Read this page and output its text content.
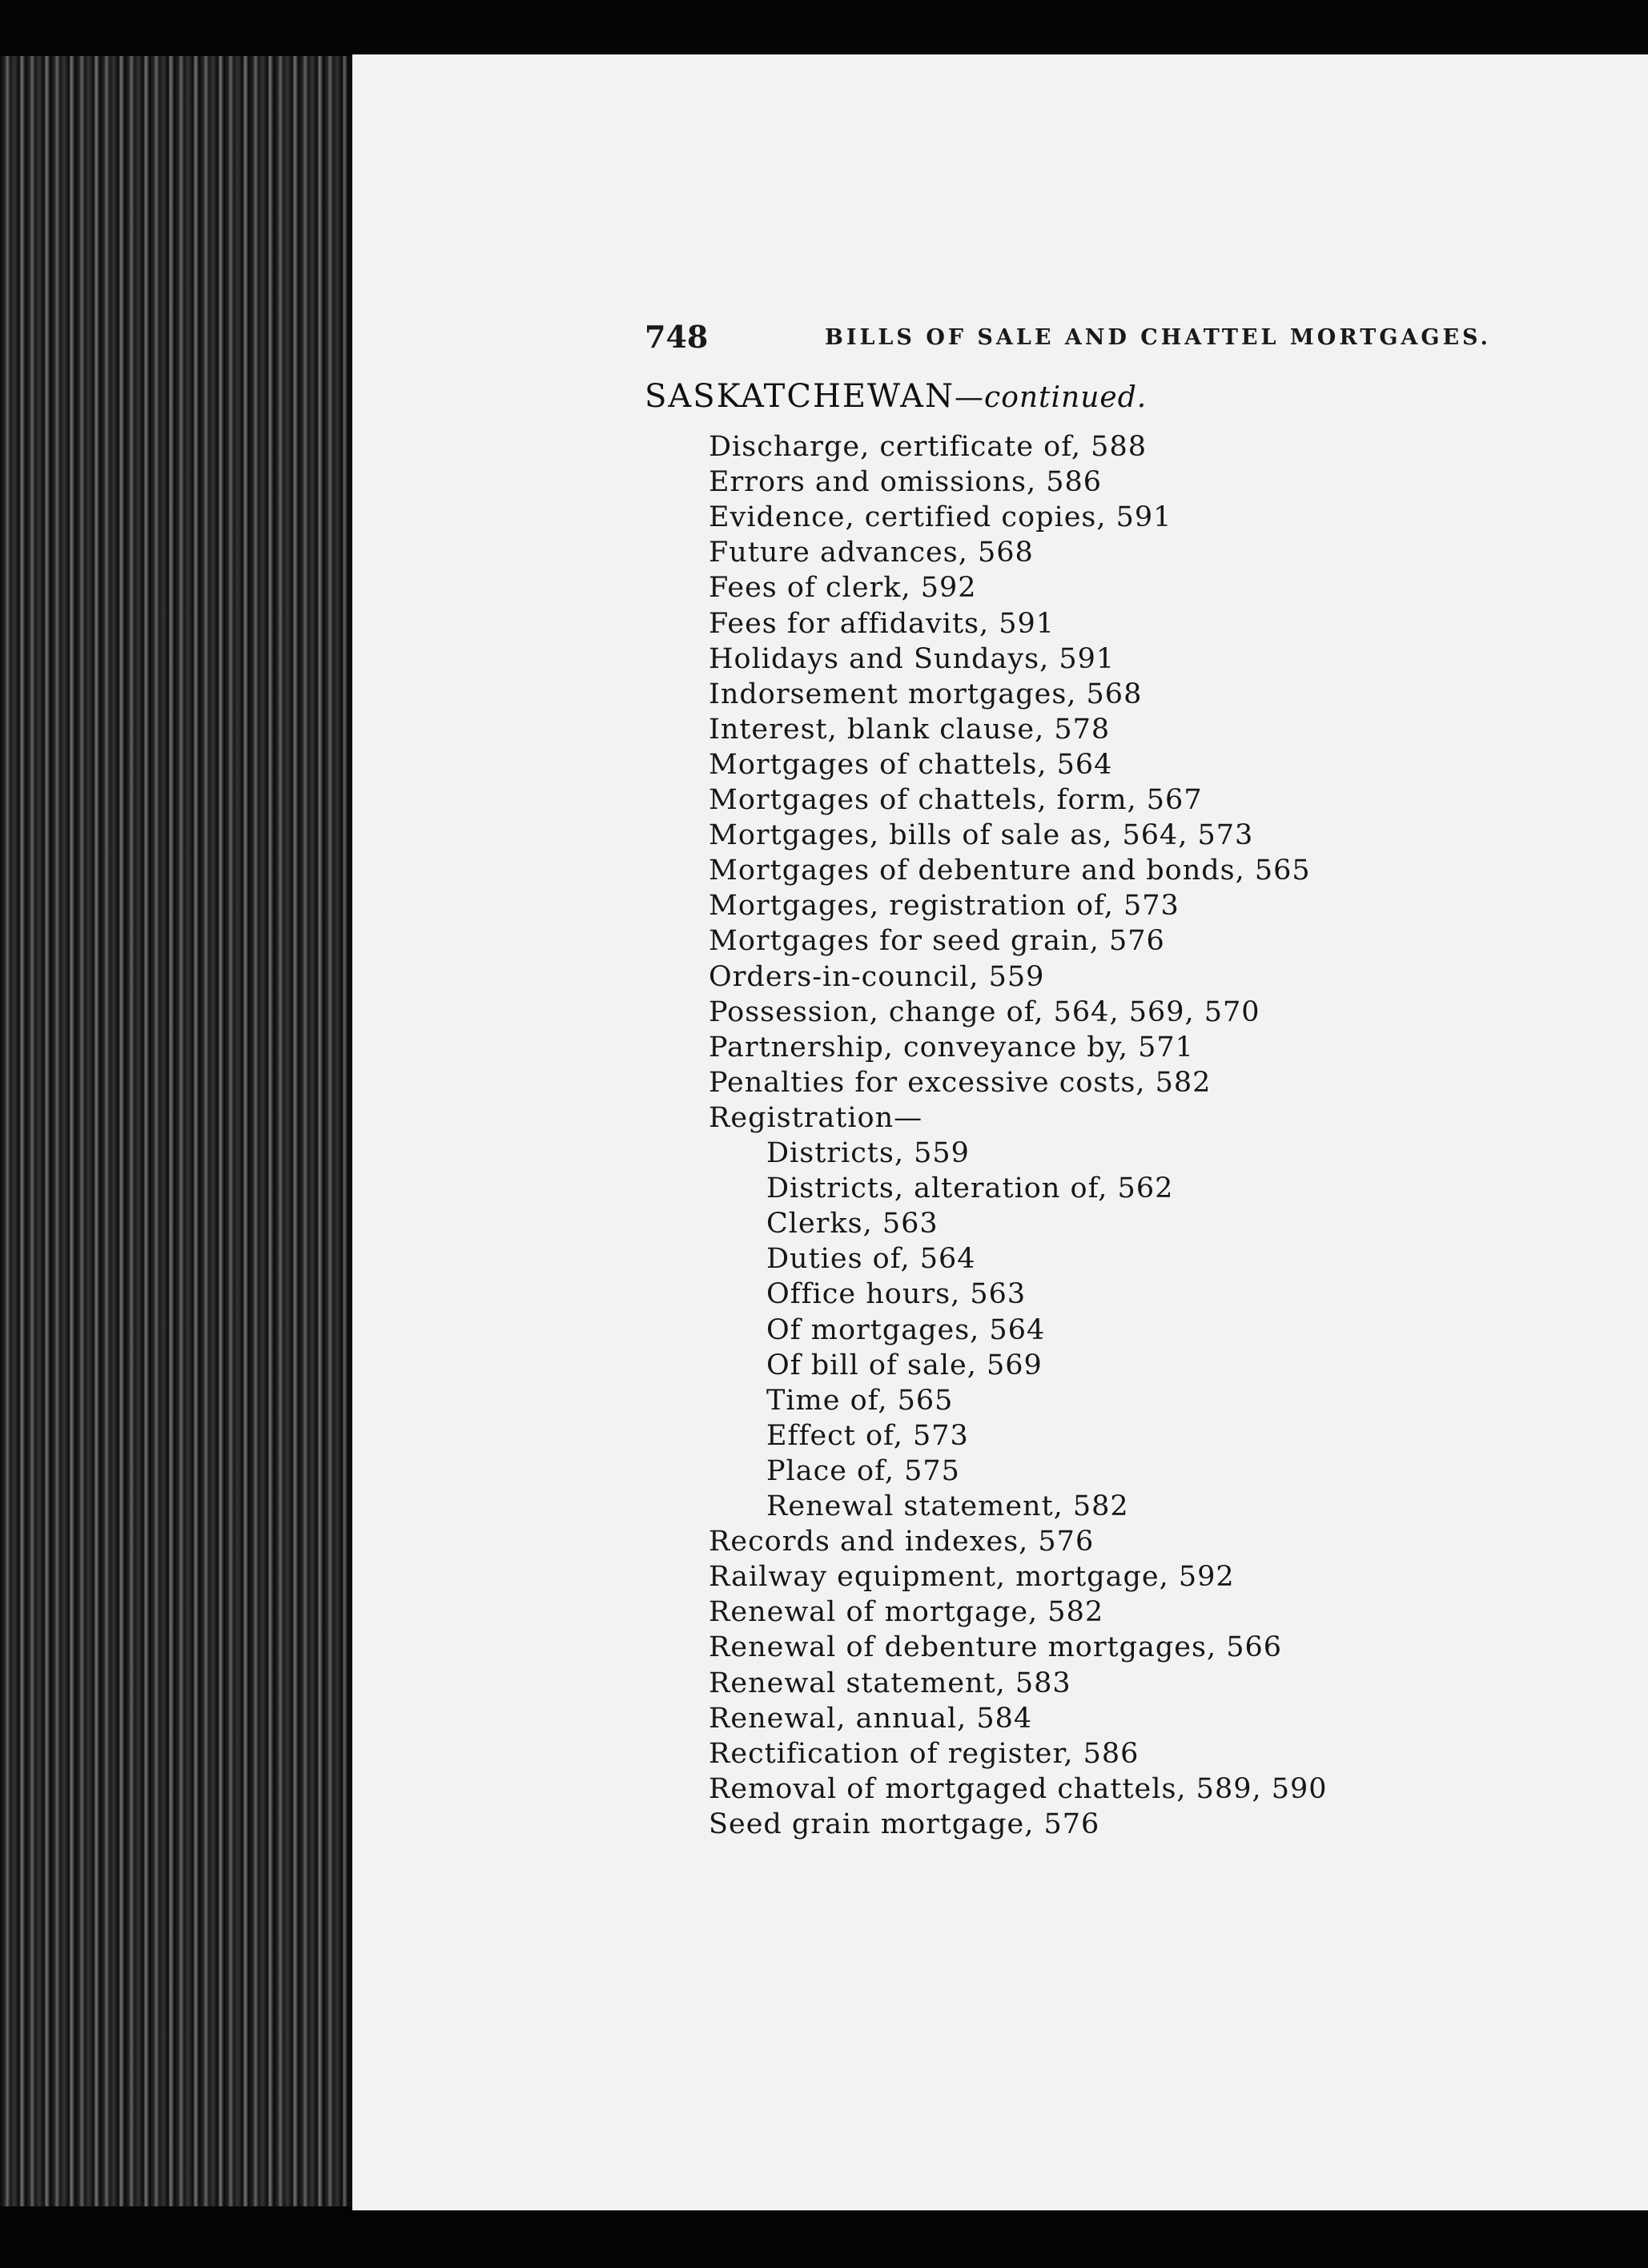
748	BILLS OF SALE AND CHATTEL MORTGAGES.
SASKATCHEWAN—continued.
Discharge, certificate of, 588
Errors and omissions, 586
Evidence, certified copies, 591
Future advances, 568
Fees of clerk, 592
Fees for affidavits, 591
Holidays and Sundays, 591
Indorsement mortgages, 568
Interest, blank clause, 578
Mortgages of chattels, 564
Mortgages of chattels, form, 567
Mortgages, bills of sale as, 564, 573
Mortgages of debenture and bonds, 565
Mortgages, registration of, 573
Mortgages for seed grain, 576
Orders-in-council, 559
Possession, change of, 564, 569, 570
Partnership, conveyance by, 571
Penalties for excessive costs, 582
Registration—
Districts, 559
Districts, alteration of, 562
Clerks, 563
Duties of, 564
Office hours, 563
Of mortgages, 564
Of bill of sale, 569
Time of, 565
Effect of, 573
Place of, 575
Renewal statement, 582
Records and indexes, 576
Railway equipment, mortgage, 592
Renewal of mortgage, 582
Renewal of debenture mortgages, 566
Renewal statement, 583
Renewal, annual, 584
Rectification of register, 586
Removal of mortgaged chattels, 589, 590
Seed grain mortgage, 576
